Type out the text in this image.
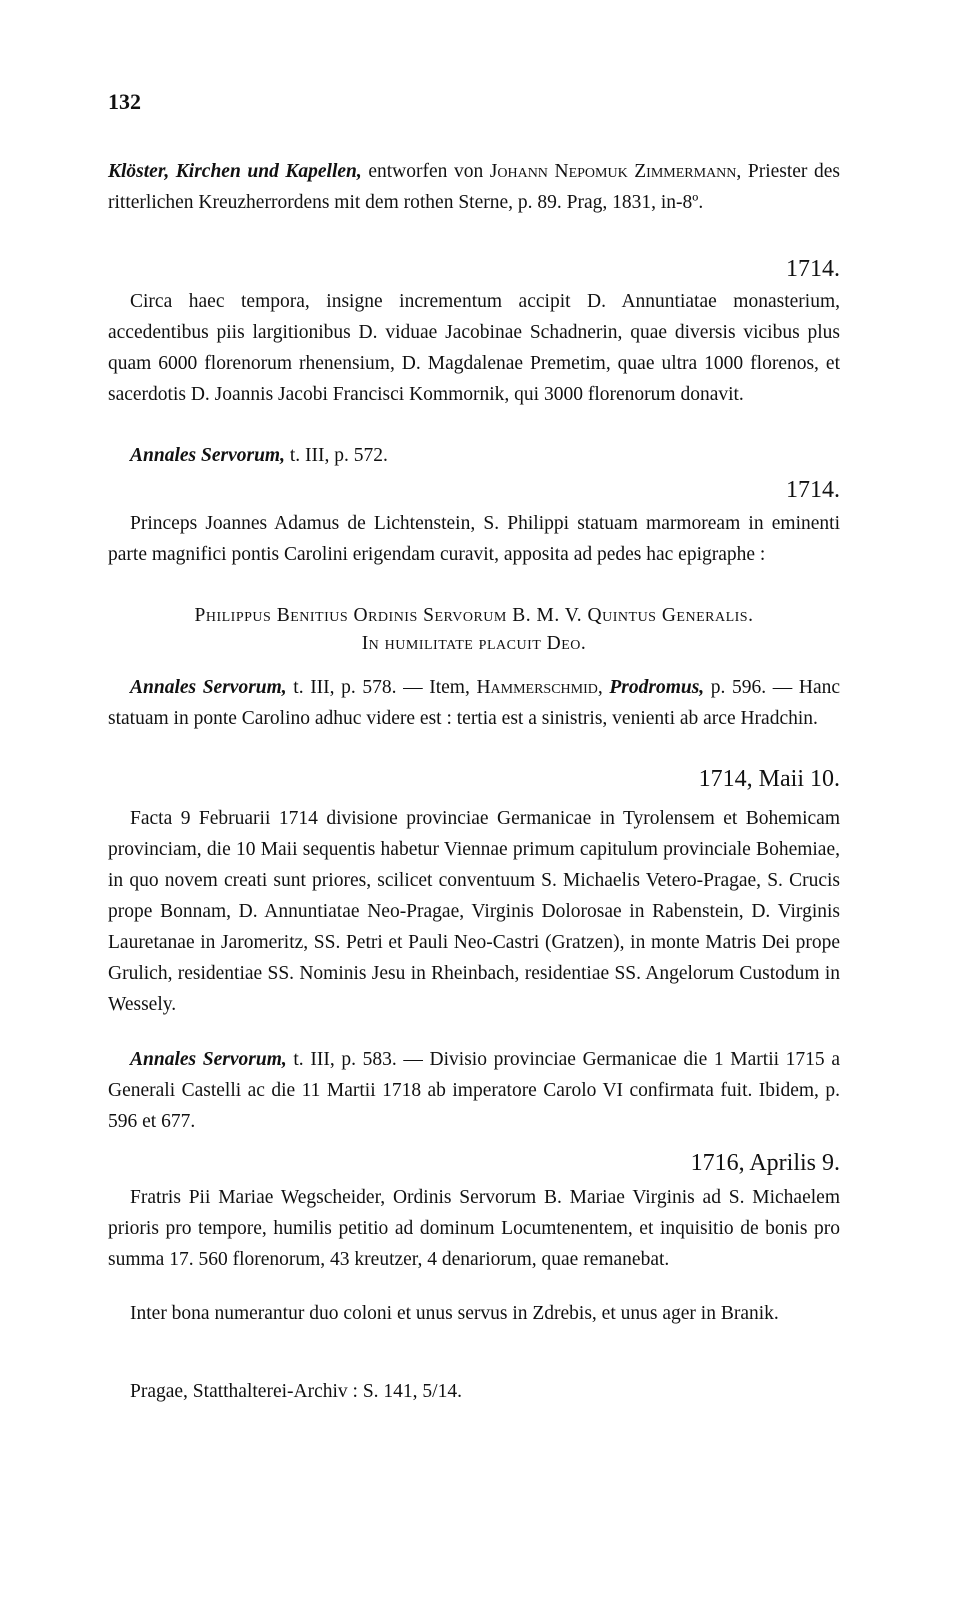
132

Klöster, Kirchen und Kapellen, entworfen von Johann Nepomuk Zimmermann, Priester des ritterlichen Kreuzherrordens mit dem rothen Sterne, p. 89. Prag, 1831, in-8º.

1714.

Circa haec tempora, insigne incrementum accipit D. Annuntiatae monasterium, accedentibus piis largitionibus D. viduae Jacobinae Schadnerin, quae diversis vicibus plus quam 6000 florenorum rhenensium, D. Magdalenae Premetim, quae ultra 1000 florenos, et sacerdotis D. Joannis Jacobi Francisci Kommornik, qui 3000 florenorum donavit.

Annales Servorum, t. III, p. 572.

1714.

Princeps Joannes Adamus de Lichtenstein, S. Philippi statuam marmoream in eminenti parte magnifici pontis Carolini erigendam curavit, apposita ad pedes hac epigraphe :

Philippus Benitius Ordinis Servorum B. M. V. Quintus Generalis.

In humilitate placuit Deo.

Annales Servorum, t. III, p. 578. — Item, Hammerschmid, Prodromus, p. 596. — Hanc statuam in ponte Carolino adhuc videre est : tertia est a sinistris, venienti ab arce Hradchin.

1714, Maii 10.

Facta 9 Februarii 1714 divisione provinciae Germanicae in Tyrolensem et Bohemicam provinciam, die 10 Maii sequentis habetur Viennae primum capitulum provinciale Bohemiae, in quo novem creati sunt priores, scilicet conventuum S. Michaelis Vetero-Pragae, S. Crucis prope Bonnam, D. Annuntiatae Neo-Pragae, Virginis Dolorosae in Rabenstein, D. Virginis Lauretanae in Jaromeritz, SS. Petri et Pauli Neo-Castri (Gratzen), in monte Matris Dei prope Grulich, residentiae SS. Nominis Jesu in Rheinbach, residentiae SS. Angelorum Custodum in Wessely.

Annales Servorum, t. III, p. 583. — Divisio provinciae Germanicae die 1 Martii 1715 a Generali Castelli ac die 11 Martii 1718 ab imperatore Carolo VI confirmata fuit. Ibidem, p. 596 et 677.

1716, Aprilis 9.

Fratris Pii Mariae Wegscheider, Ordinis Servorum B. Mariae Virginis ad S. Michaelem prioris pro tempore, humilis petitio ad dominum Locumtenentem, et inquisitio de bonis pro summa 17. 560 florenorum, 43 kreutzer, 4 denariorum, quae remanebat.

Inter bona numerantur duo coloni et unus servus in Zdrebis, et unus ager in Branik.

Pragae, Statthalterei-Archiv : S. 141, 5/14.
